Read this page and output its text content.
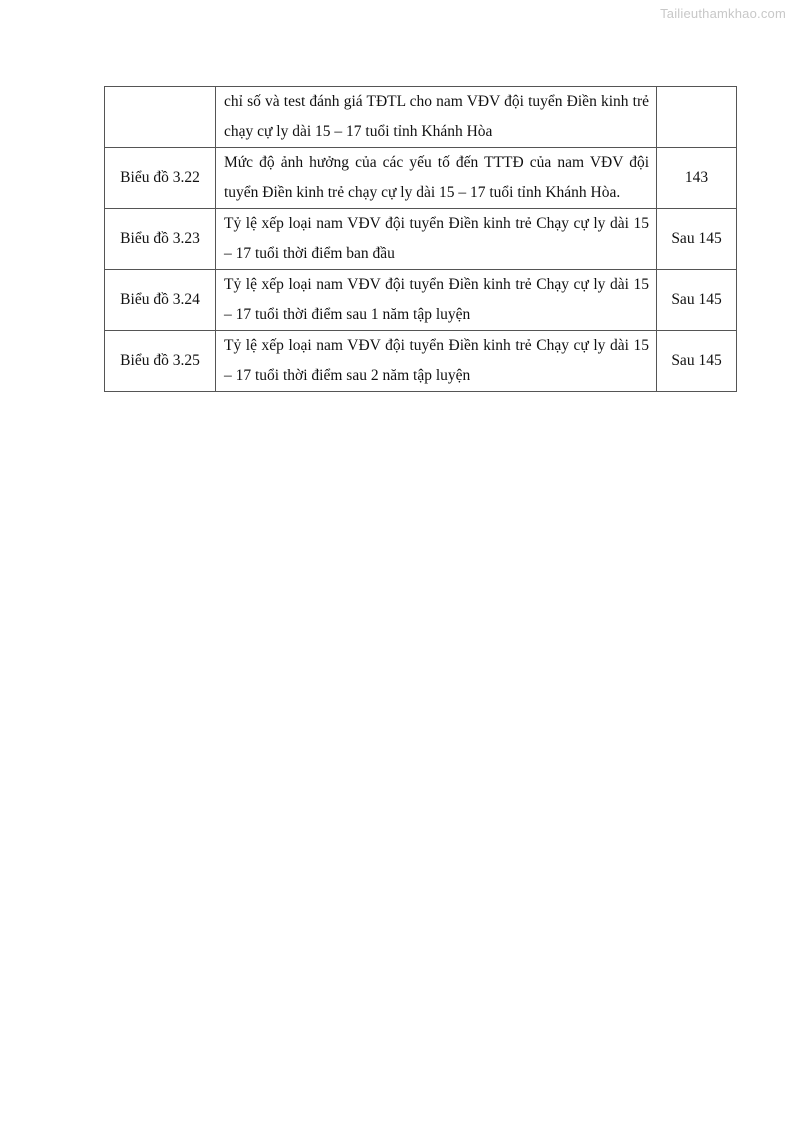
Tailieuthamkhao.com
	chỉ số và test đánh giá TĐTL cho nam VĐV đội tuyển Điền kinh trẻ chạy cự ly dài 15 – 17 tuổi tỉnh Khánh Hòa	
Biểu đồ 3.22	Mức độ ảnh hưởng của các yếu tố đến TTTĐ của nam VĐV đội tuyển Điền kinh trẻ chạy cự ly dài 15 – 17 tuổi tỉnh Khánh Hòa.	143
Biểu đồ 3.23	Tỷ lệ xếp loại nam VĐV đội tuyển Điền kinh trẻ Chạy cự ly dài 15 – 17 tuổi thời điểm ban đầu	Sau 145
Biểu đồ 3.24	Tỷ lệ xếp loại nam VĐV đội tuyển Điền kinh trẻ Chạy cự ly dài 15 – 17 tuổi thời điểm sau 1 năm tập luyện	Sau 145
Biểu đồ 3.25	Tỷ lệ xếp loại nam VĐV đội tuyển Điền kinh trẻ Chạy cự ly dài 15 – 17 tuổi thời điểm sau 2 năm tập luyện	Sau 145
